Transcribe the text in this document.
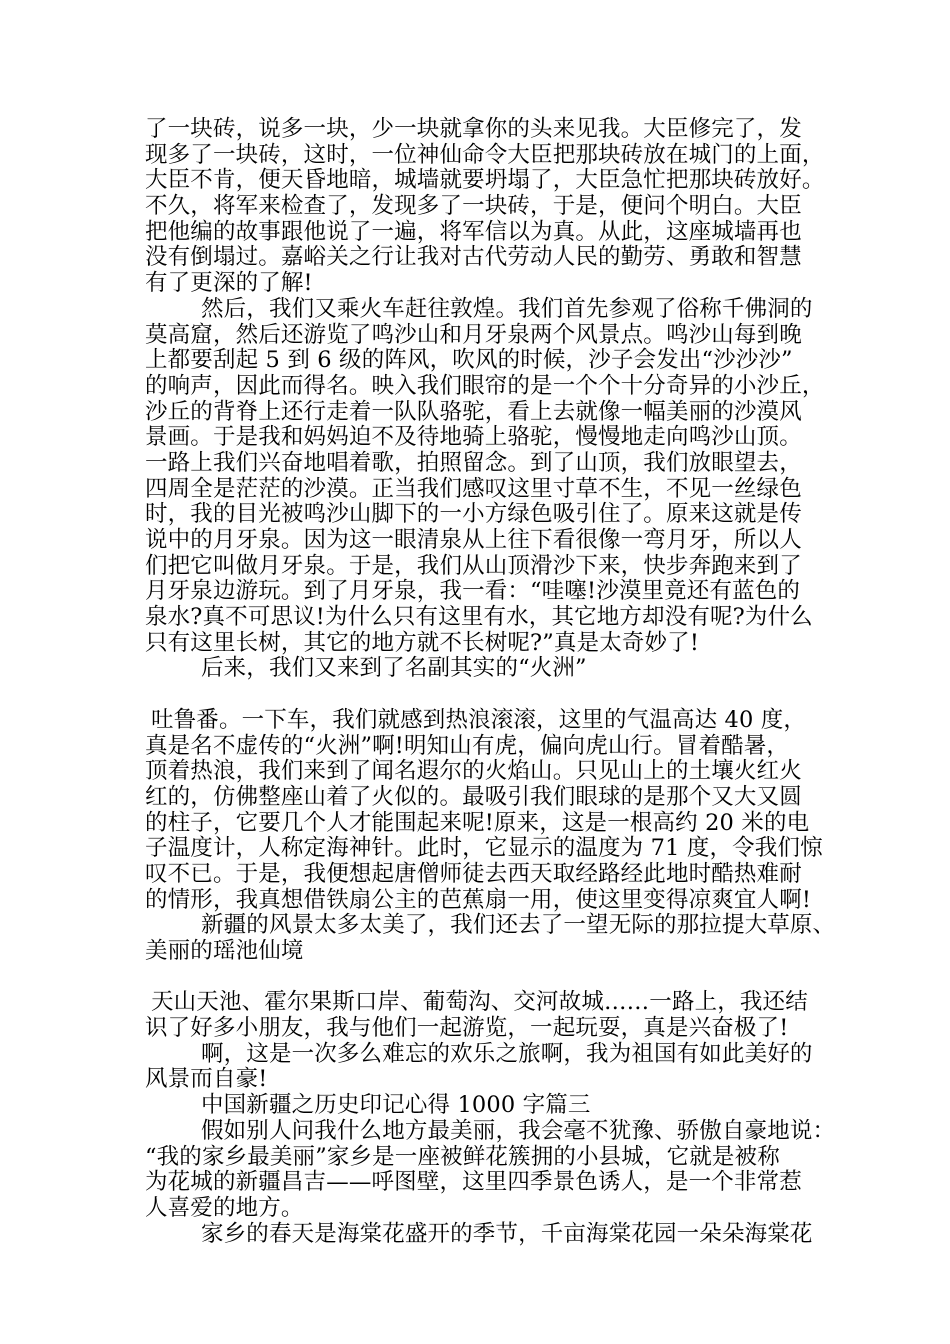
了一块砖，说多一块，少一块就拿你的头来见我。大臣修完了，发
现多了一块砖，这时，一位神仙命令大臣把那块砖放在城门的上面，
大臣不肯，便天昏地暗，城墙就要坍塌了，大臣急忙把那块砖放好。
不久，将军来检查了，发现多了一块砖，于是，便问个明白。大臣
把他编的故事跟他说了一遍，将军信以为真。从此，这座城墙再也
没有倒塌过。嘉峪关之行让我对古代劳动人民的勤劳、勇敢和智慧
有了更深的了解!
然后，我们又乘火车赶往敦煌。我们首先参观了俗称千佛洞的
莫高窟，然后还游览了鸣沙山和月牙泉两个风景点。鸣沙山每到晚
上都要刮起 5 到 6 级的阵风，吹风的时候，沙子会发出“沙沙沙”
的响声，因此而得名。映入我们眼帘的是一个个十分奇异的小沙丘，
沙丘的背脊上还行走着一队队骆驼，看上去就像一幅美丽的沙漠风
景画。于是我和妈妈迫不及待地骑上骆驼，慢慢地走向鸣沙山顶。
一路上我们兴奋地唱着歌，拍照留念。到了山顶，我们放眼望去，
四周全是茫茫的沙漠。正当我们感叹这里寸草不生，不见一丝绿色
时，我的目光被鸣沙山脚下的一小方绿色吸引住了。原来这就是传
说中的月牙泉。因为这一眼清泉从上往下看很像一弯月牙，所以人
们把它叫做月牙泉。于是，我们从山顶滑沙下来，快步奔跑来到了
月牙泉边游玩。到了月牙泉，我一看：“哇噻!沙漠里竟还有蓝色的
泉水?真不可思议!为什么只有这里有水，其它地方却没有呢?为什么
只有这里长树，其它的地方就不长树呢?”真是太奇妙了!
后来，我们又来到了名副其实的“火洲”
吐鲁番。一下车，我们就感到热浪滚滚，这里的气温高达 40 度，
真是名不虚传的“火洲”啊!明知山有虎，偏向虎山行。冒着酷暑，
顶着热浪，我们来到了闻名遐尔的火焰山。只见山上的土壤火红火
红的，仿佛整座山着了火似的。最吸引我们眼球的是那个又大又圆
的柱子，它要几个人才能围起来呢!原来，这是一根高约 20 米的电
子温度计，人称定海神针。此时，它显示的温度为 71 度，令我们惊
叹不已。于是，我便想起唐僧师徒去西天取经路经此地时酷热难耐
的情形，我真想借铁扇公主的芭蕉扇一用，使这里变得凉爽宜人啊!
新疆的风景太多太美了，我们还去了一望无际的那拉提大草原、
美丽的瑶池仙境
天山天池、霍尔果斯口岸、葡萄沟、交河故城……一路上，我还结
识了好多小朋友，我与他们一起游览，一起玩耍，真是兴奋极了!
啊，这是一次多么难忘的欢乐之旅啊，我为祖国有如此美好的
风景而自豪!
中国新疆之历史印记心得 1000 字篇三
假如别人问我什么地方最美丽，我会毫不犹豫、骄傲自豪地说：
“我的家乡最美丽”家乡是一座被鲜花簇拥的小县城，它就是被称
为花城的新疆昌吉——呼图壁，这里四季景色诱人，是一个非常惹
人喜爱的地方。
家乡的春天是海棠花盛开的季节，千亩海棠花园一朵朵海棠花
